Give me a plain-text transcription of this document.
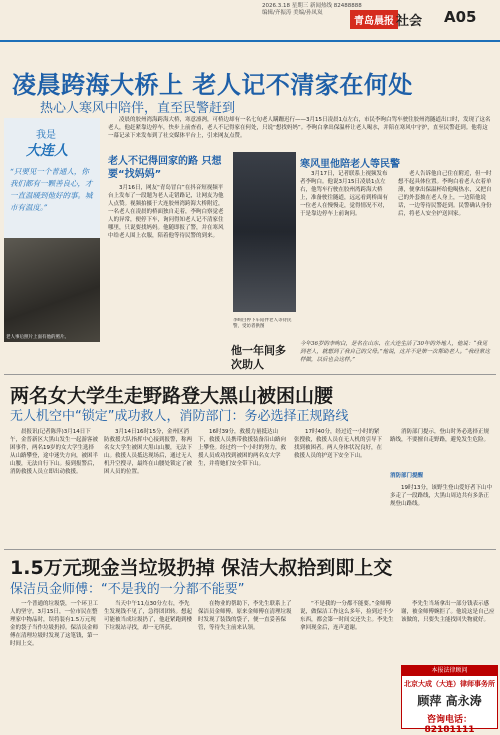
2026.3.18 星期三 新闻热线 82488888
编辑/齐振涛 美编/孙凤岚
青岛晨报 社会 A05
凌晨跨海大桥上 老人记不清家在何处
热心人寒风中陪伴，直至民警赶到
我是
大连人
“只要见一个普通人，你我们都有一颗善良心，才一直温暖到他好的事。城市有温度。”
老人事后照片上面有他的照片。
凌晨的胶州湾海跨海大桥，寒意凛冽，可桥边却有一名七旬老人蹒跚迟行——3月15日凌晨1点左右，市民李昫白驾车驶往胶州湾隧道出口时，发现了这名老人，他赶紧靠边停车，快步上前查看，老人不记得家在何处，只说“想找妈妈”。李昫白拿出保温杯让老人喝水，并陪在寒风中守护，直至民警赶到。他将这一幕记录下来发布到了社交媒体平台上，引来网友点赞。
老人不记得回家的路 只想要“找妈妈”
寒风里他陪老人等民警
3月16日，网友“青岛冒白”在抖音短视频平台上发布了一段题为老人走错路记，让网友为他人点赞。视频拍摄于大连胶州湾跨海大桥附近，一名老人在凌晨的桥面独自走着，李昫白察觉老人的异常，便停下车，询问得知老人记不清家住哪里，只说要找妈妈。他随即报了警，并在寒风中给老人围上衣服，陪着他等待民警的到来。
3月17日，记者联系上视频发布者李昫白。他说3月15日凌晨1点左右，他驾车行驶在胶州湾跨海大桥上，准备驶往隧道，远远看到桥面有一位老人在慢慢走，觉得情况不对，于是靠边停车上前询问。
老人告诉他自己住在附近，但一时想不起具体位置。李昫白看老人衣着单薄，便拿出保温杯给他喝热水，又把自己的外套披在老人身上，一边陪他说话，一边等待民警赶到。民警确认身份后，将老人安全护送回家。
李昫白停下车陪伴老人等待民警，受访者供图
他一年间多次助人
今年36岁的李昫白，是名在山东、在大连生活了30年的外地人，他说：“我见到老人，就想到了我自己的父母。”他说，这并不是第一次帮助老人。“我经常这样做，以后也会这样。”
两名女大学生走野路登大黑山被困山腰
无人机空中“锁定”成功救人，消防部门：务必选择正规路线
晨报讯(记者陈萍)3月14日下午，金普新区大黑山发生一起游客被困事件，两名19岁的女大学生选择从山路攀登，途中迷失方向，被困半山腰，无法自行下山。接到报警后，消防救援人员立即出动救援。
3月14日16时15分，金州区消防救援大队指挥中心接到报警，称两名女大学生被困大黑山山腰，无法下山。救援人员抵达现场后，通过无人机升空搜寻，最终在山腰处锁定了被困人员的位置。
16时39分，救援力量抵达山下，救援人员携带救援装备沿山路向上攀登。经过约一个小时的努力，救援人员成功找到被困的两名女大学生，并将她们安全带下山。
17时40分，经过近一小时的紧张搜救，救援人员在无人机的引导下找到被困者。两人身体状况良好，在救援人员的护送下安全下山。
消防部门提示，登山时务必选择正规路线，不要擅自走野路，避免发生危险。
消防部门提醒
19时13分，该野生登山爱好者下山中多走了一段路线，大黑山周边共有多条正规登山路线。
1.5万元现金当垃圾扔掉 保洁大叔拾到即上交
保洁员金师傅：“不是我的一分都不能要”
一个普通的垃圾袋，一个环卫工人的坚守。3月15日，一位市民在整理家中物品时，误将装有1.5万元现金的袋子当作垃圾扔掉。保洁员金师傅在清理垃圾时发现了这笔钱，第一时间上交。
当天中午11点30分左右，李先生发现钱不见了，急得团团转。想起可能被当成垃圾扔了，他赶紧跑到楼下垃圾站寻找，却一无所获。
在物业的帮助下，李先生联系上了保洁员金师傅。原来金师傅在清理垃圾时发现了装钱的袋子，便一直妥善保管，等待失主前来认领。
“不是我的一分都不能要。”金师傅说，做保洁工作这么多年，捡到过不少东西，都会第一时间交还失主。李先生拿回现金后，连声道谢。
李先生当场拿出一部分钱表示感谢，被金师傅婉拒了。他说这是自己应该做的，只要失主能找回失物就好。
本报法律顾问
北京大成（大连）律师事务所
顾萍 高永涛
咨询电话：82181111
